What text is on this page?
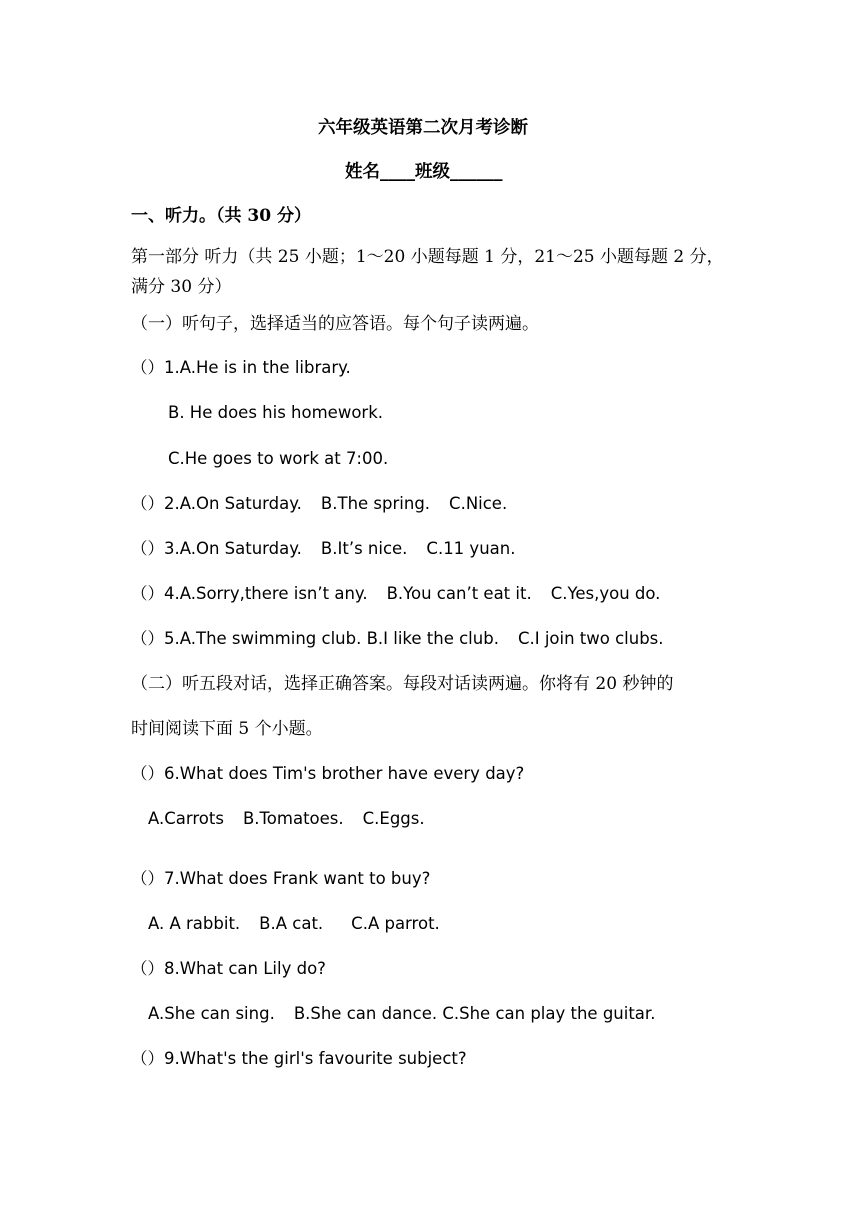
六年级英语第二次月考诊断
姓名____班级______
一、听力。（共 30 分）
第一部分 听力（共 25 小题；1～20 小题每题 1 分，21～25 小题每题 2 分，
满分 30 分）
（一）听句子，选择适当的应答语。每个句子读两遍。
（）1.A.He is in the library.
B. He does his homework.
C.He goes to work at 7:00.
（）2.A.On Saturday. B.The spring. C.Nice.
（）3.A.On Saturday. B.It’s nice. C.11 yuan.
（）4.A.Sorry,there isn’t any. B.You can’t eat it. C.Yes,you do.
（）5.A.The swimming club. B.I like the club. C.I join two clubs.
（二）听五段对话，选择正确答案。每段对话读两遍。你将有 20 秒钟的
时间阅读下面 5 个小题。
（）6.What does Tim's brother have every day?
A.Carrots B.Tomatoes. C.Eggs.
（）7.What does Frank want to buy?
A. A rabbit. B.A cat. C.A parrot.
（）8.What can Lily do?
A.She can sing. B.She can dance. C.She can play the guitar.
（）9.What's the girl's favourite subject?
